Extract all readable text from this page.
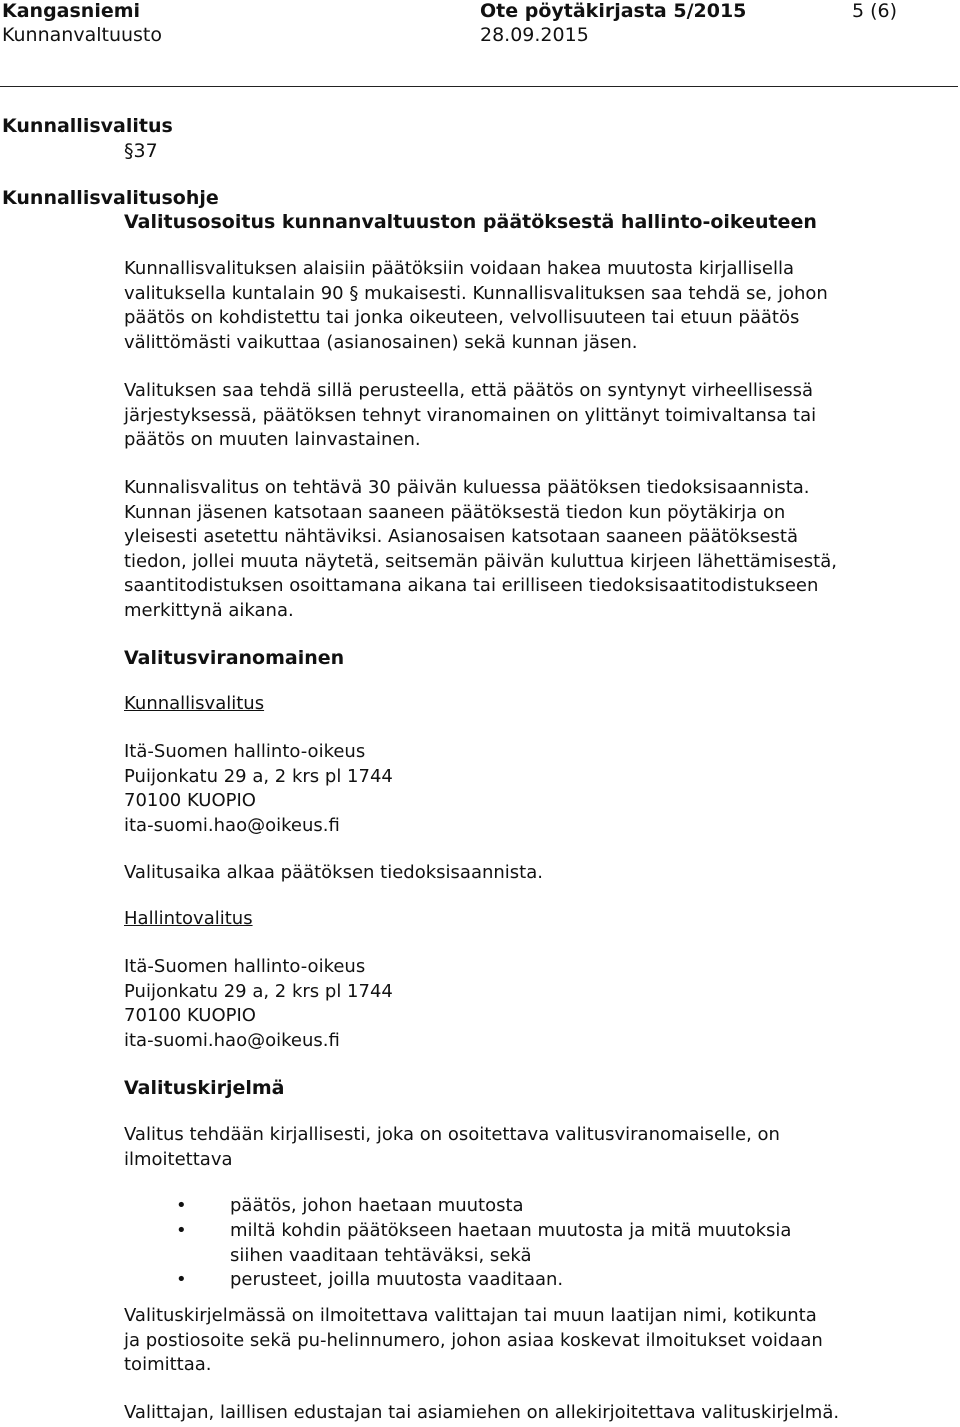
Kangasniemi	Ote pöytäkirjasta 5/2015	5 (6)
Kunnanvaltuusto	28.09.2015
Kunnallisvalitus
§37
Kunnallisvalitusohje
Valitusosoitus kunnanvaltuuston päätöksestä hallinto-oikeuteen
Kunnallisvalituksen alaisiin päätöksiin voidaan hakea muutosta kirjallisella
valituksella kuntalain 90 § mukaisesti. Kunnallisvalituksen saa tehdä se, johon
päätös on kohdistettu tai jonka oikeuteen, velvollisuuteen tai etuun päätös
välittömästi vaikuttaa (asianosainen) sekä kunnan jäsen.
Valituksen saa tehdä sillä perusteella, että päätös on syntynyt virheellisessä
järjestyksessä, päätöksen tehnyt viranomainen on ylittänyt toimivaltansa tai
päätös on muuten lainvastainen.
Kunnalisvalitus on tehtävä 30 päivän kuluessa päätöksen tiedoksisaannista.
Kunnan jäsenen katsotaan saaneen päätöksestä tiedon kun pöytäkirja on
yleisesti asetettu nähtäviksi. Asianosaisen katsotaan saaneen päätöksestä
tiedon, jollei muuta näytetä, seitsemän päivän kuluttua kirjeen lähettämisestä,
saantitodistuksen osoittamana aikana tai erilliseen tiedoksisaatitodistukseen
merkittynä aikana.
Valitusviranomainen
Kunnallisvalitus
Itä-Suomen hallinto-oikeus
Puijonkatu 29 a, 2 krs pl 1744
70100 KUOPIO
ita-suomi.hao@oikeus.fi
Valitusaika alkaa päätöksen tiedoksisaannista.
Hallintovalitus
Itä-Suomen hallinto-oikeus
Puijonkatu 29 a, 2 krs pl 1744
70100 KUOPIO
ita-suomi.hao@oikeus.fi
Valituskirjelmä
Valitus tehdään kirjallisesti, joka on osoitettava valitusviranomaiselle, on
ilmoitettava
• päätös, johon haetaan muutosta
• miltä kohdin päätökseen haetaan muutosta ja mitä muutoksia
siihen vaaditaan tehtäväksi, sekä
• perusteet, joilla muutosta vaaditaan.
Valituskirjelmässä on ilmoitettava valittajan tai muun laatijan nimi, kotikunta
ja postiosoite sekä pu-helinnumero, johon asiaa koskevat ilmoitukset voidaan
toimittaa.
Valittajan, laillisen edustajan tai asiamiehen on allekirjoitettava valituskirjelmä.
